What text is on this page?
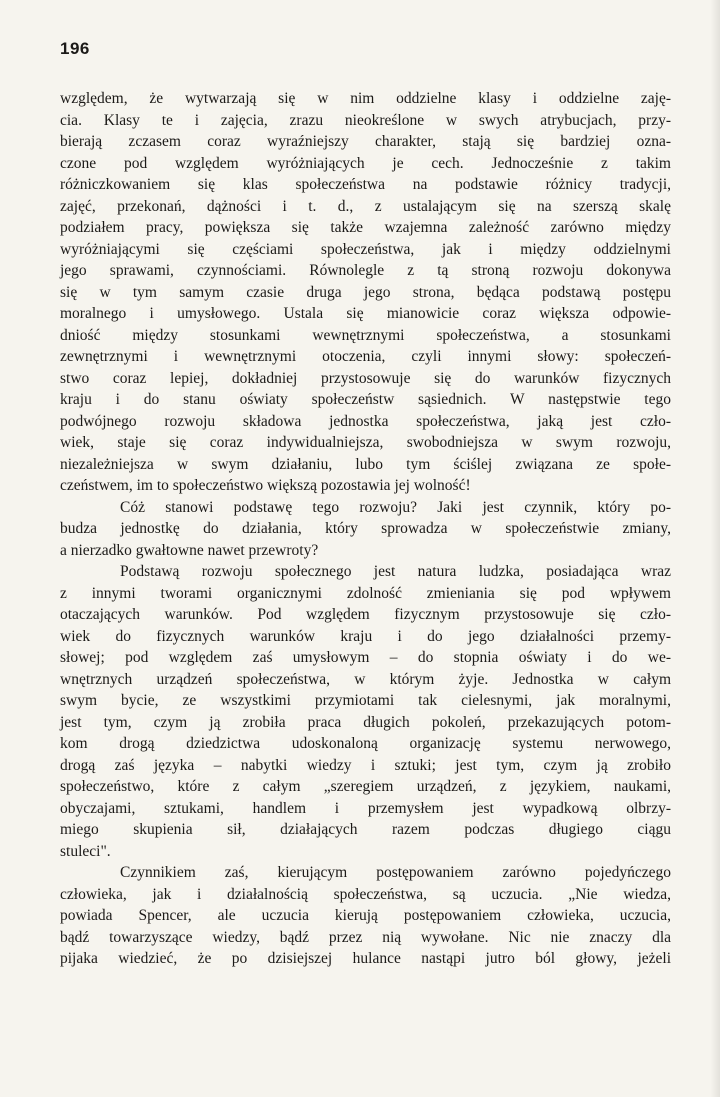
196
względem, że wytwarzają się w nim oddzielne klasy i oddzielne zaję-
cia. Klasy te i zajęcia, zrazu nieokreślone w swych atrybucjach, przy-
bierają zczasem coraz wyraźniejszy charakter, stają się bardziej ozna-
czone pod względem wyróżniających je cech. Jednocześnie z takim
różniczkowaniem się klas społeczeństwa na podstawie różnicy tradycji,
zajęć, przekonań, dążności i t. d., z ustalającym się na szerszą skalę
podziałem pracy, powiększa się także wzajemna zależność zarówno między
wyróżniającymi się częściami społeczeństwa, jak i między oddzielnymi
jego sprawami, czynnościami. Równolegle z tą stroną rozwoju dokonywa
się w tym samym czasie druga jego strona, będąca podstawą postępu
moralnego i umysłowego. Ustala się mianowicie coraz większa odpowie-
dniość między stosunkami wewnętrznymi społeczeństwa, a stosunkami
zewnętrznymi i wewnętrznymi otoczenia, czyli innymi słowy: społeczeń-
stwo coraz lepiej, dokładniej przystosowuje się do warunków fizycznych
kraju i do stanu oświaty społeczeństw sąsiednich. W następstwie tego
podwójnego rozwoju składowa jednostka społeczeństwa, jaką jest czło-
wiek, staje się coraz indywidualniejsza, swobodniejsza w swym rozwoju,
niezależniejsza w swym działaniu, lubo tym ściślej związana ze społe-
czeństwem, im to społeczeństwo większą pozostawia jej wolność!
Cóż stanowi podstawę tego rozwoju? Jaki jest czynnik, który po-
budza jednostkę do działania, który sprowadza w społeczeństwie zmiany,
a nierzadko gwałtowne nawet przewroty?
Podstawą rozwoju społecznego jest natura ludzka, posiadająca wraz
z innymi tworami organicznymi zdolność zmieniania się pod wpływem
otaczających warunków. Pod względem fizycznym przystosowuje się czło-
wiek do fizycznych warunków kraju i do jego działalności przemy-
słowej; pod względem zaś umysłowym – do stopnia oświaty i do we-
wnętrznych urządzeń społeczeństwa, w którym żyje. Jednostka w całym
swym bycie, ze wszystkimi przymiotami tak cielesnymi, jak moralnymi,
jest tym, czym ją zrobiła praca długich pokoleń, przekazujących potom-
kom drogą dziedzictwa udoskonaloną organizację systemu nerwowego,
drogą zaś języka – nabytki wiedzy i sztuki; jest tym, czym ją zrobiło
społeczeństwo, które z całym „szeregiem urządzeń, z językiem, naukami,
obyczajami, sztukami, handlem i przemysłem jest wypadkową olbrzy-
miego skupienia sił, działających razem podczas długiego ciągu
stuleci".
Czynnikiem zaś, kierującym postępowaniem zarówno pojedyńczego
człowieka, jak i działalnością społeczeństwa, są uczucia. „Nie wiedza,
powiada Spencer, ale uczucia kierują postępowaniem człowieka, uczucia,
bądź towarzyszące wiedzy, bądź przez nią wywołane. Nic nie znaczy dla
pijaka wiedzieć, że po dzisiejszej hulance nastąpi jutro ból głowy, jeżeli
